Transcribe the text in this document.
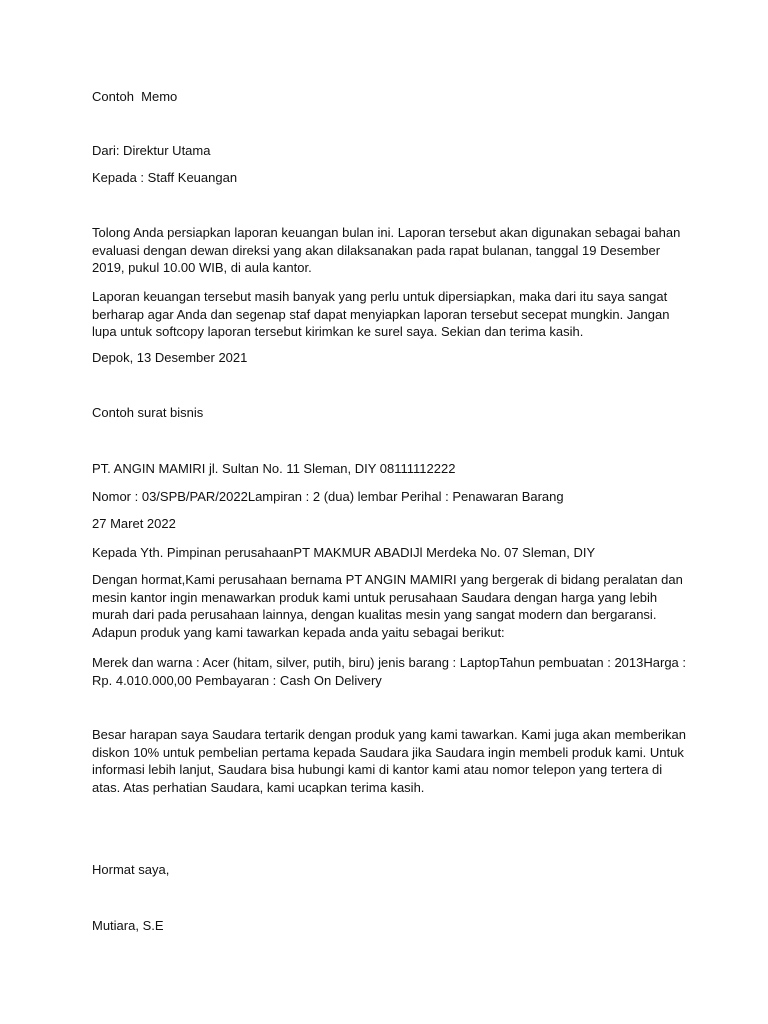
Contoh  Memo

Dari: Direktur Utama

Kepada : Staff Keuangan

Tolong Anda persiapkan laporan keuangan bulan ini. Laporan tersebut akan digunakan sebagai bahan evaluasi dengan dewan direksi yang akan dilaksanakan pada rapat bulanan, tanggal 19 Desember 2019, pukul 10.00 WIB, di aula kantor.

Laporan keuangan tersebut masih banyak yang perlu untuk dipersiapkan, maka dari itu saya sangat berharap agar Anda dan segenap staf dapat menyiapkan laporan tersebut secepat mungkin. Jangan lupa untuk softcopy laporan tersebut kirimkan ke surel saya. Sekian dan terima kasih.

Depok, 13 Desember 2021

Contoh surat bisnis

PT. ANGIN MAMIRI jl. Sultan No. 11 Sleman, DIY 08111112222

Nomor : 03/SPB/PAR/2022Lampiran : 2 (dua) lembar Perihal : Penawaran Barang

27 Maret 2022

Kepada Yth. Pimpinan perusahaanPT MAKMUR ABADIJl Merdeka No. 07 Sleman, DIY

Dengan hormat,Kami perusahaan bernama PT ANGIN MAMIRI yang bergerak di bidang peralatan dan mesin kantor ingin menawarkan produk kami untuk perusahaan Saudara dengan harga yang lebih murah dari pada perusahaan lainnya, dengan kualitas mesin yang sangat modern dan bergaransi. Adapun produk yang kami tawarkan kepada anda yaitu sebagai berikut:

Merek dan warna : Acer (hitam, silver, putih, biru) jenis barang : LaptopTahun pembuatan : 2013Harga : Rp. 4.010.000,00 Pembayaran : Cash On Delivery

Besar harapan saya Saudara tertarik dengan produk yang kami tawarkan. Kami juga akan memberikan diskon 10% untuk pembelian pertama kepada Saudara jika Saudara ingin membeli produk kami. Untuk informasi lebih lanjut, Saudara bisa hubungi kami di kantor kami atau nomor telepon yang tertera di atas. Atas perhatian Saudara, kami ucapkan terima kasih.

Hormat saya,

Mutiara, S.E
